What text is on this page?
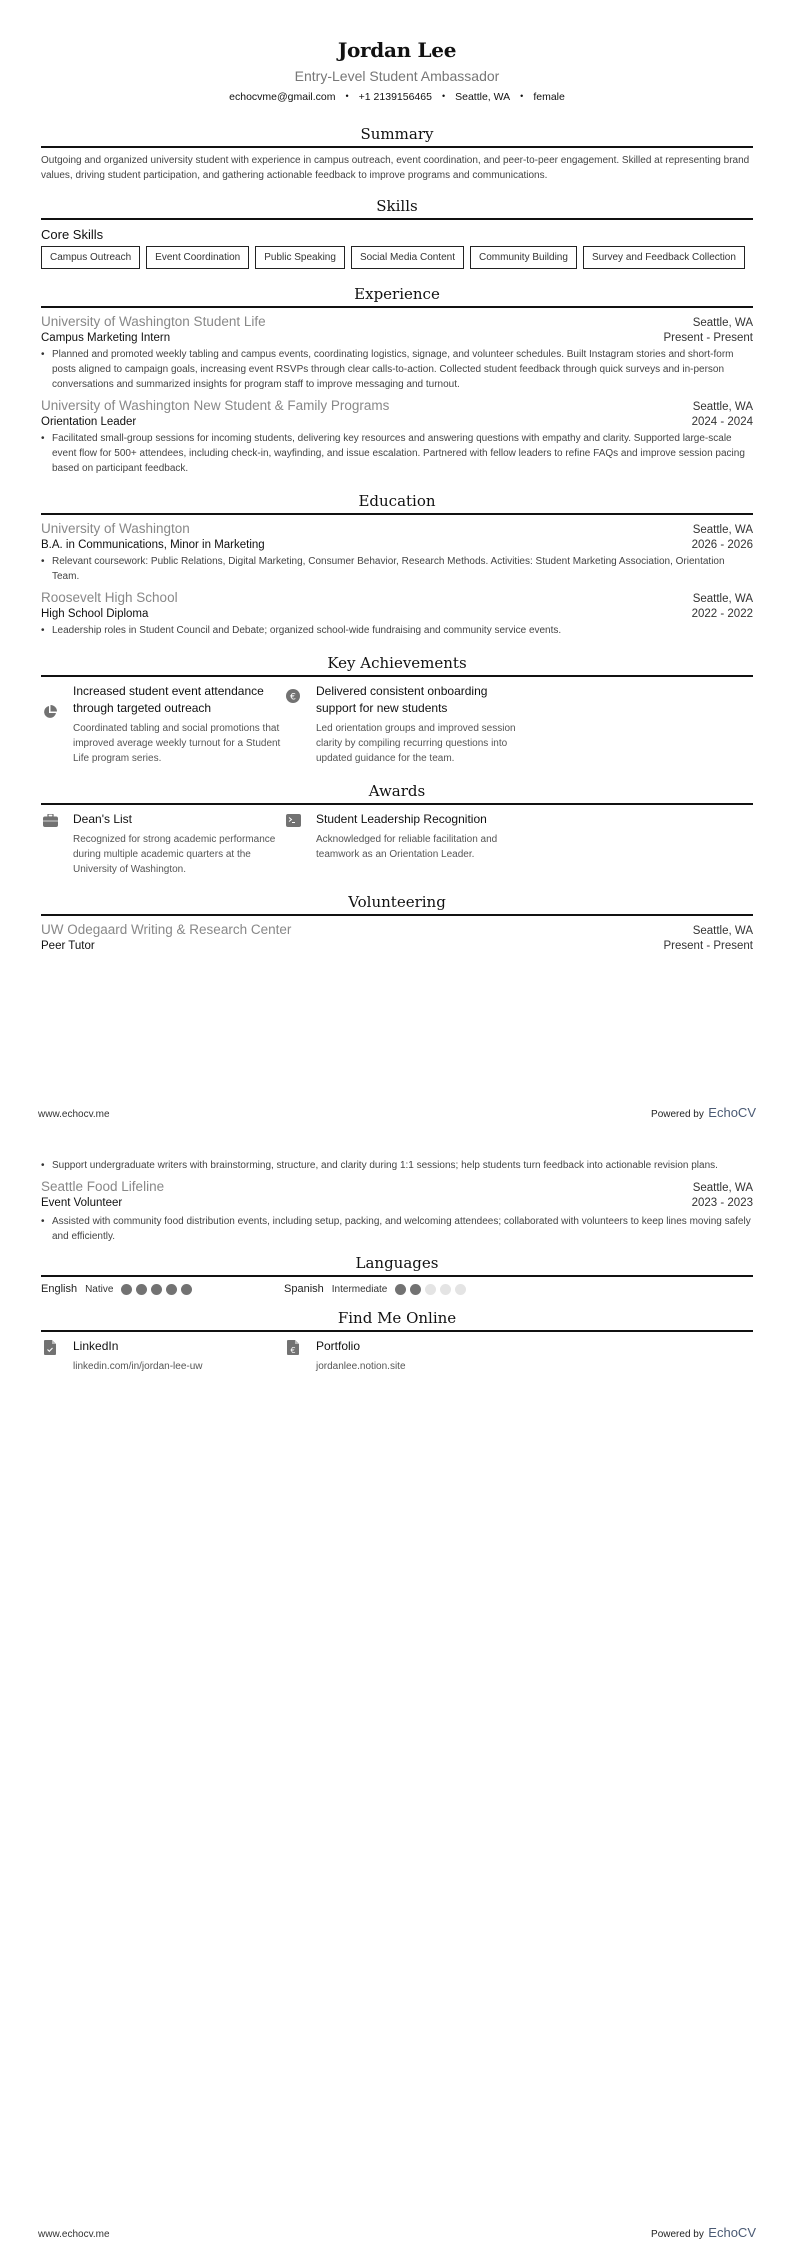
Jordan Lee
Entry-Level Student Ambassador
echocvme@gmail.com • +1 2139156465 • Seattle, WA • female
Summary

Outgoing and organized university student with experience in campus outreach, event coordination, and peer-to-peer engagement. Skilled at representing brand values, driving student participation, and gathering actionable feedback to improve programs and communications.

Skills
Core Skills
Campus Outreach	Event Coordination	Public Speaking	Social Media Content	Community Building	Survey and Feedback Collection
Experience
University of Washington Student Life	Seattle, WA
Campus Marketing Intern	Present - Present
• Planned and promoted weekly tabling and campus events, coordinating logistics, signage, and volunteer schedules. Built Instagram stories and short-form posts aligned to campaign goals, increasing event RSVPs through clear calls-to-action. Collected student feedback through quick surveys and in-person conversations and summarized insights for program staff to improve messaging and turnout.
University of Washington New Student & Family Programs	Seattle, WA
Orientation Leader	2024 - 2024
• Facilitated small-group sessions for incoming students, delivering key resources and answering questions with empathy and clarity. Supported large-scale event flow for 500+ attendees, including check-in, wayfinding, and issue escalation. Partnered with fellow leaders to refine FAQs and improve session pacing based on participant feedback.
Education
University of Washington	Seattle, WA
B.A. in Communications, Minor in Marketing	2026 - 2026
• Relevant coursework: Public Relations, Digital Marketing, Consumer Behavior, Research Methods. Activities: Student Marketing Association, Orientation Team.
Roosevelt High School	Seattle, WA
High School Diploma	2022 - 2022
• Leadership roles in Student Council and Debate; organized school-wide fundraising and community service events.
Key Achievements
Increased student event attendance through targeted outreach
Coordinated tabling and social promotions that improved average weekly turnout for a Student Life program series.
€ Delivered consistent onboarding support for new students
Led orientation groups and improved session clarity by compiling recurring questions into updated guidance for the team.
Awards
Dean's List
Recognized for strong academic performance during multiple academic quarters at the University of Washington.
Student Leadership Recognition
Acknowledged for reliable facilitation and teamwork as an Orientation Leader.
Volunteering
UW Odegaard Writing & Research Center	Seattle, WA
Peer Tutor	Present - Present
www.echocv.me	Powered by EchoCV
• Support undergraduate writers with brainstorming, structure, and clarity during 1:1 sessions; help students turn feedback into actionable revision plans.
Seattle Food Lifeline	Seattle, WA
Event Volunteer	2023 - 2023
• Assisted with community food distribution events, including setup, packing, and welcoming attendees; collaborated with volunteers to keep lines moving safely and efficiently.
Languages
English Native	Spanish Intermediate
Find Me Online
LinkedIn
linkedin.com/in/jordan-lee-uw
€ Portfolio
jordanlee.notion.site
www.echocv.me	Powered by EchoCV
